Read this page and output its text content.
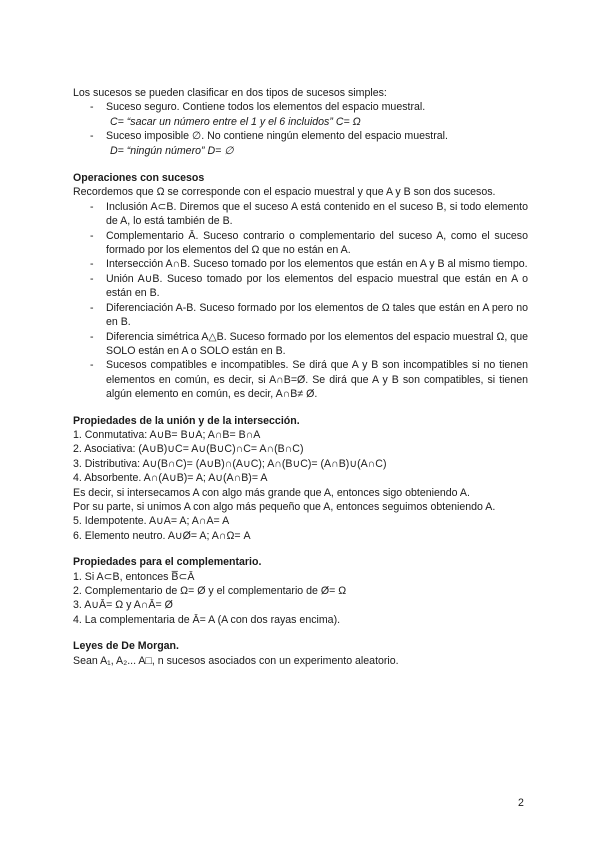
Los sucesos se pueden clasificar en dos tipos de sucesos simples:

- Suceso seguro. Contiene todos los elementos del espacio muestral.

C= “sacar un número entre el 1 y el 6 incluidos” C= Ω

- Suceso imposible ∅. No contiene ningún elemento del espacio muestral.

D= “ningún número” D= ∅

Operaciones con sucesos

Recordemos que Ω se corresponde con el espacio muestral y que A y B son dos sucesos.

- Inclusión A⊂B. Diremos que el suceso A está contenido en el suceso B, si todo elemento de A, lo está también de B.
- Complementario Ā. Suceso contrario o complementario del suceso A, como el suceso formado por los elementos del Ω que no están en A.
- Intersección A∩B. Suceso tomado por los elementos que están en A y B al mismo tiempo.
- Unión A∪B. Suceso tomado por los elementos del espacio muestral que están en A o están en B.
- Diferenciación A-B. Suceso formado por los elementos de Ω tales que están en A pero no en B.
- Diferencia simétrica A△B. Suceso formado por los elementos del espacio muestral Ω, que SOLO están en A o SOLO están en B.
- Sucesos compatibles e incompatibles. Se dirá que A y B son incompatibles si no tienen elementos en común, es decir, si A∩B=Ø. Se dirá que A y B son compatibles, si tienen algún elemento en común, es decir, A∩B≠ Ø.
Propiedades de la unión y de la intersección.
1. Conmutativa: A∪B= B∪A; A∩B= B∩A
2. Asociativa: (A∪B)∪C= A∪(B∪C)∩C= A∩(B∩C)
3. Distributiva: A∪(B∩C)= (A∪B)∩(A∪C); A∩(B∪C)= (A∩B)∪(A∩C)
4. Absorbente. A∩(A∪B)= A; A∪(A∩B)= A
Es decir, si intersecamos A con algo más grande que A, entonces sigo obteniendo A.
Por su parte, si unimos A con algo más pequeño que A, entonces seguimos obteniendo A.
5. Idempotente. A∪A= A; A∩A= A
6. Elemento neutro. A∪Ø= A; A∩Ω= A
Propiedades para el complementario.
1. Si A⊂B, entonces B̅⊂Ā
2. Complementario de Ω= Ø y el complementario de Ø= Ω
3. A∪Ā= Ω y A∩Ā= Ø
4. La complementaria de Ā= A (A con dos rayas encima).
Leyes de De Morgan.

Sean A₁, A₂... A□, n sucesos asociados con un experimento aleatorio.

2
